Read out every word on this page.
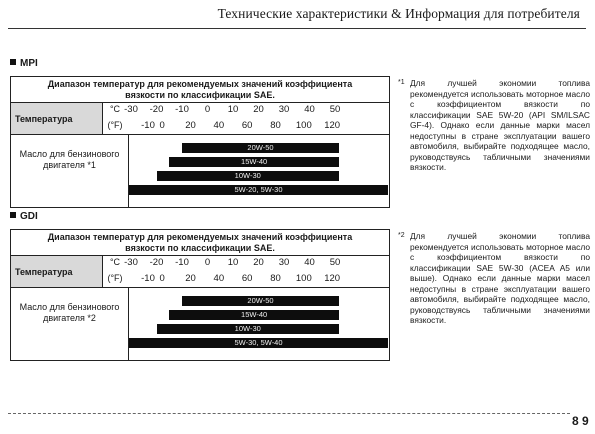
Технические характеристики & Информация для потребителя
MPI
Диапазон температур для рекомендуемых значений коэффициента
вязкости по классификации SAE.
Температура
°C
(°F)
-30 -20 -10 0 10 20 30 40 50
-10 0 20 40 60 80 100 120
Масло для бензинового двигателя *1
20W-50
15W-40
10W-30
5W-20, 5W-30
*1 Для лучшей экономии топлива рекомендуется использовать моторное масло с коэффициентом вязкости по классификации SAE 5W-20 (API SM/ILSAC GF-4). Однако если данные марки масел недоступны в стране эксплуатации вашего автомобиля, выбирайте подходящее масло, руководствуясь табличными значениями вязкости.
GDI
Диапазон температур для рекомендуемых значений коэффициента
вязкости по классификации SAE.
Температура
°C
(°F)
-30 -20 -10 0 10 20 30 40 50
-10 0 20 40 60 80 100 120
Масло для бензинового двигателя *2
20W-50
15W-40
10W-30
5W-30, 5W-40
*2 Для лучшей экономии топлива рекомендуется использовать моторное масло с коэффициентом вязкости по классификации SAE 5W-30 (ACEA A5 или выше). Однако если данные марки масел недоступны в стране эксплуатации вашего автомобиля, выбирайте подходящее масло, руководствуясь табличными значениями вязкости.
8 9
